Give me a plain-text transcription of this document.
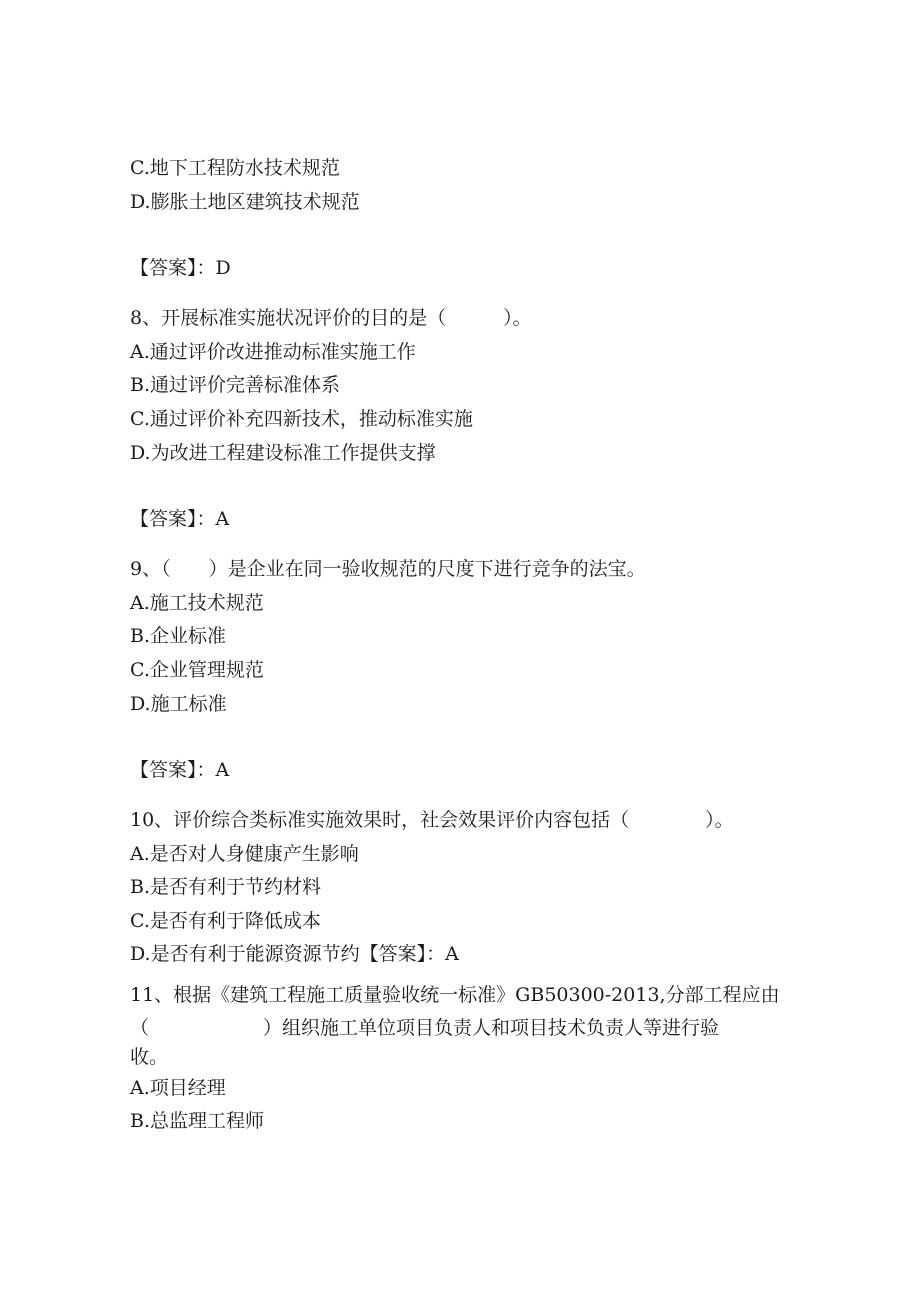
C.地下工程防水技术规范
D.膨胀土地区建筑技术规范
【答案】：D
8、开展标准实施状况评价的目的是（　　　）。
A.通过评价改进推动标准实施工作
B.通过评价完善标准体系
C.通过评价补充四新技术，推动标准实施
D.为改进工程建设标准工作提供支撑
【答案】：A
9、（　　）是企业在同一验收规范的尺度下进行竞争的法宝。
A.施工技术规范
B.企业标准
C.企业管理规范
D.施工标准
【答案】：A
10、评价综合类标准实施效果时，社会效果评价内容包括（　　　　）。
A.是否对人身健康产生影响
B.是否有利于节约材料
C.是否有利于降低成本
D.是否有利于能源资源节约【答案】：A
11、根据《建筑工程施工质量验收统一标准》GB50300-2013,分部工程应由
（　　　　　　）组织施工单位项目负责人和项目技术负责人等进行验
收。
A.项目经理
B.总监理工程师
